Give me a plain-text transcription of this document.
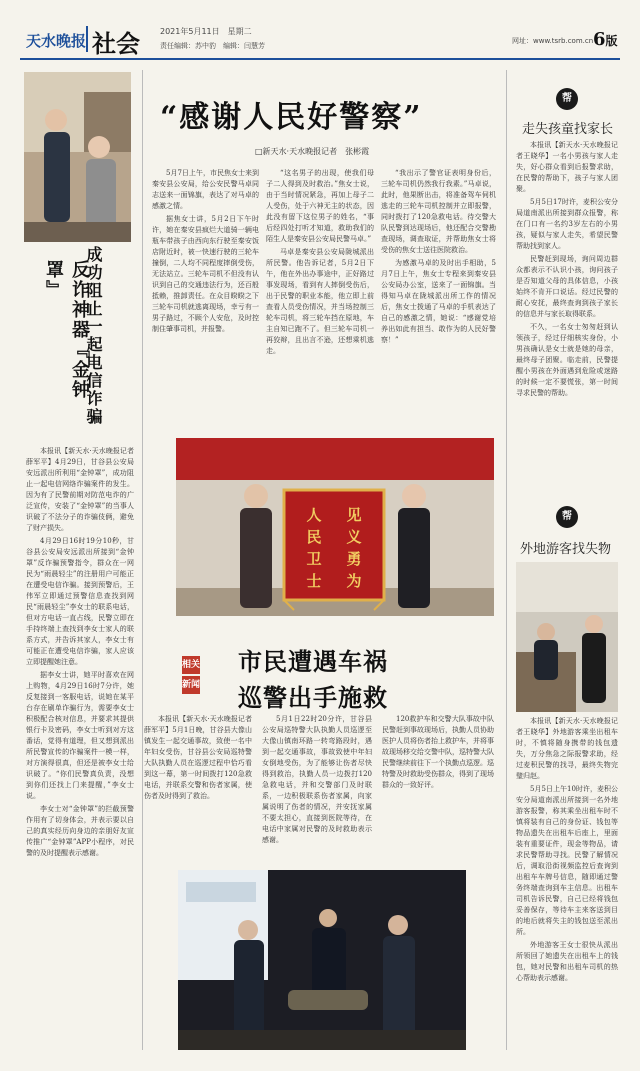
天水晚报 社会	2021年5月11日　星期二
责任编辑：苏中豹　编辑：闫慧芳
网址：www.tsrb.com.cn 6版
成功阻止一起电信诈骗
反诈神器『金钟罩』

本报讯【新天水·天水晚报记者薛军平】4月29日，甘谷县公安局安远派出所利用“金钟罩”，成功阻止一起电信网络诈骗案件的发生。因为有了民警前期对防范电诈的广泛宣传，安装了“金钟罩”的当事人识破了不法分子的诈骗伎俩，避免了财产损失。

4月29日16时19分10秒，甘谷县公安局安远派出所接到“金钟罩”反诈骗预警指令，群众在一网民为“雨晨轻尘”的注册用户可能正在遭受电信诈骗。接到预警后，王伟军立即通过预警信息查找到网民“雨晨轻尘”李女士的联系电话，但对方电话一直占线，民警立即在手持终端上查找到李女士家人的联系方式，并告诉其家人，李女士有可能正在遭受电信诈骗，家人应该立即提醒她注意。

据李女士讲，她平时喜欢在网上购物，4月29日16时7分许，她反复接到一客服电话，说她在某平台存在刷单诈骗行为，需要李女士积极配合核对信息，并要求其提供银行卡及密码，李女士听到对方这番话，觉得有道理，但又想到派出所民警宣传的诈骗案件一模一样，对方演得很真，但还是被李女士给识破了。“你们民警真负责，没想到你们还找上门来提醒，”李女士说。

李女士对“金钟罩”的拦截预警作用有了切身体会，并表示要以自己的真实经历向身边的亲朋好友宣传推广“金钟罩”APP小程序，对民警的及时提醒表示感谢。

“感谢人民好警察”
□新天水·天水晚报记者　张彬霞

5月7日上午，市民焦女士来到秦安县公安局，给公安民警马卓同志送来一面锦旗，表达了对马卓的感激之情。

据焦女士讲，5月2日下午时许，她在秦安县疯烂大道骑一辆电瓶车带孩子由西向东行驶至秦安饭店附近时，被一快速行驶的三轮车撞倒，二人均不同程度摔倒受伤，无法站立。三轮车司机不但没有认识到自己的交通违法行为，还百般抵赖，推卸责任。在众目睽睽之下三轮车司机就逃离现场，幸亏有一男子路过，不顾个人安危，及时控制住肇事司机，并报警。

“这名男子的出现，使我们母子二人得到及时救治。”焦女士说，由于当时情况紧急，再加上母子二人受伤，处于六神无主的状态，因此没有留下这位男子的姓名，“事后经四处打听才知道，救助我们的陌生人是秦安县公安局民警马卓。”

马卓是秦安县公安局陇城派出所民警。他告诉记者，5月2日下午，他在外出办事途中，正好路过事发现场，看到有人摔倒受伤后，出于民警的职业本能，他立即上前查看人员受伤情况，并当场控制三轮车司机，将三轮车挡在原地，车主自知已跑不了。但三轮车司机一再狡辩，且出言不逊，还想乘机逃走。

“我出示了警官证表明身份后，三轮车司机仍然我行我素。”马卓说，此时，他果断出击，将准备驾车伺机逃走的三轮车司机控制并立即报警，同时拨打了120急救电话。待交警大队民警到达现场后，他还配合交警勘查现场，调查取证，并帮助焦女士将受伤的焦女士送往医院救治。

为感激马卓的及时出手相助，5月7日上午，焦女士专程来到秦安县公安局办公室，送来了一面锦旗。当得知马卓在陇城派出所工作的情况后，焦女士拨通了马卓的手机表达了自己的感激之情，她说：“感谢党培养出如此有担当、敢作为的人民好警察！”

见
义
勇
为
人
民
卫
士
相关
新闻
市民遭遇车祸
巡警出手施救

本报讯【新天水·天水晚报记者薛军平】5月1日晚，甘谷县大像山镇发生一起交通事故，致使一名中年妇女受伤，甘谷县公安局巡特警大队执勤人员在巡逻过程中恰巧看到这一幕，第一时间拨打120急救电话，并联系交警和伤者家属，使伤者及时得到了救治。

5月1日22时20分许，甘谷县公安局巡特警大队执勤人员巡逻至大像山镇南环路一转弯路段时，遇到一起交通事故，事故致使中年妇女倒地受伤，为了能够让伤者尽快得到救治，执勤人员一边拨打120急救电话，并和交警部门及时联系，一边积极联系伤者家属，向家属说明了伤者的情况，并安抚家属不要太担心，直接到医院等待，在电话中家属对民警的及时救助表示感谢。

120救护车和交警大队事故中队民警赶到事故现场后，执勤人员协助医护人员将伤者抬上救护车，并将事故现场移交给交警中队，巡特警大队民警继续前往下一个执勤点巡逻。巡特警及时救助受伤群众，得到了现场群众的一致好评。

帮
走失孩童找家长

本报讯【新天水·天水晚报记者王晓华】一名小男孩与家人走失，好心群众看到后报警求助，在民警的帮助下，孩子与家人团聚。

5月5日17时许，麦积公安分局道南派出所接到群众报警，称在门口有一名约3岁左右的小男孩，疑似与家人走失，希望民警帮助找到家人。

民警赶到现场，询问周边群众都表示不认识小孩，询问孩子是否知道父母的具体信息，小孩始终不肯开口说话。经过民警的耐心安抚，最终查询到孩子家长的信息并与家长取得联系。

不久，一名女士匆匆赶到认领孩子，经过仔细核实身份，小男孩确认是女士就是她的母亲，最终母子团聚。临走前，民警提醒小男孩在外面遇到危险或迷路的时候一定不要慌张，第一时间寻求民警的帮助。

帮
外地游客找失物

本报讯【新天水·天水晚报记者王晓华】外地游客乘坐出租车时，不慎将随身携带的钱包遗失，万分焦急之际报警求助，经过麦积民警的找寻，最终失物完璧归赵。

5月5日上午10时许，麦积公安分局道南派出所接到一名外地游客报警，称其乘坐出租车时不慎将装有自己的身份证、钱包等物品遗失在出租车后座上，里面装有重要证件，现金等物品，请求民警帮助寻找。民警了解情况后，调取沿街视频监控后查询到出租车车牌号信息，随即通过警务终端查询到车主信息。出租车司机告诉民警，自己已经将钱包妥善保存，等待车主来客送到目的地后就将失主的钱包送至派出所。

外地游客王女士很快从派出所领回了她遗失在出租车上的钱包，她对民警和出租车司机的热心帮助表示感谢。
